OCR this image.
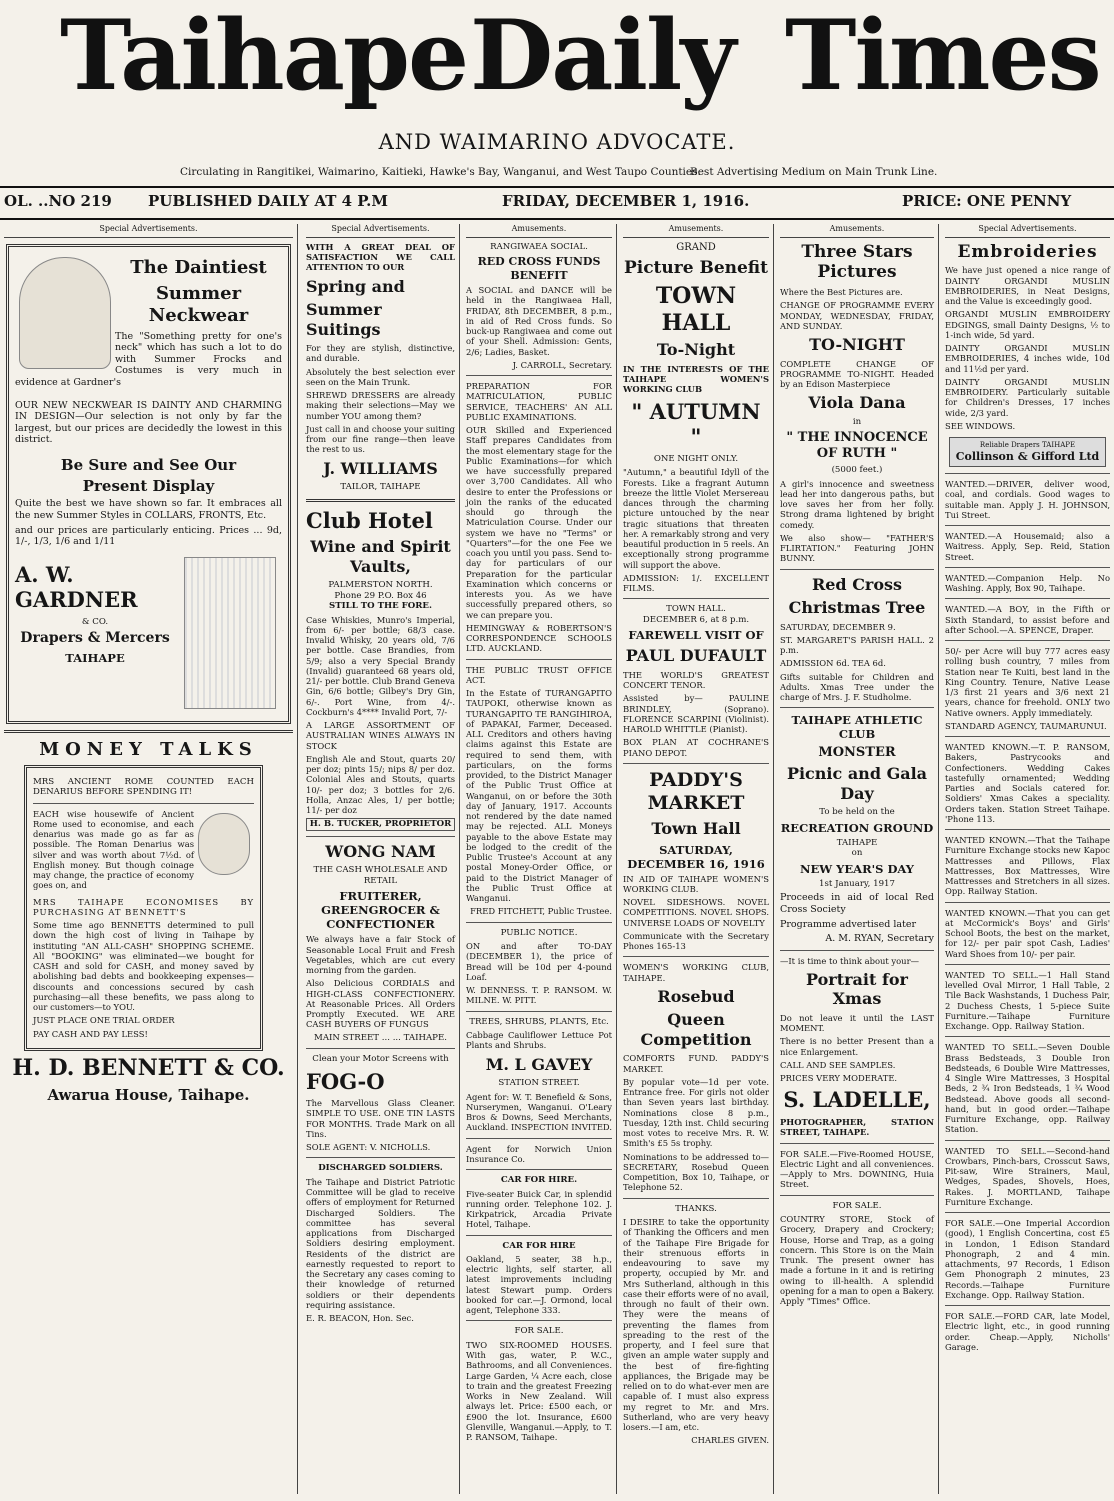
Taihape Daily Times
AND WAIMARINO ADVOCATE.
Circulating in Rangitikei, Waimarino, Kaitieki, Hawke's Bay, Wanganui, and West Taupo Counties.
Best Advertising Medium on Main Trunk Line.
OL. ..NO 219 PUBLISHED DAILY AT 4 P.M	FRIDAY, DECEMBER 1, 1916.	PRICE: ONE PENNY
Special Advertisements.
The Daintiest
Summer Neckwear
The "Something pretty for one's neck" which has such a lot to do with Summer Frocks and Costumes is very much in evidence at Gardner's
OUR NEW NECKWEAR IS DAINTY AND CHARMING IN DESIGN—Our selection is not only by far the largest, but our prices are decidedly the lowest in this district.
Be Sure and See Our
Present Display
Quite the best we have shown so far. It embraces all the new Summer Styles in COLLARS, FRONTS, Etc.
and our prices are particularly enticing. Prices ... 9d, 1/-, 1/3, 1/6 and 1/11
A. W. GARDNER
& CO.
Drapers & Mercers
TAIHAPE
MONEY TALKS
MRS ANCIENT ROME COUNTED EACH DENARIUS BEFORE SPENDING IT!
EACH wise housewife of Ancient Rome used to economise, and each denarius was made go as far as possible. The Roman Denarius was silver and was worth about 7½d. of English money. But though coinage may change, the practice of economy goes on, and
MRS TAIHAPE ECONOMISES BY PURCHASING AT BENNETT'S
Some time ago BENNETTS determined to pull down the high cost of living in Taihape by instituting "AN ALL-CASH" SHOPPING SCHEME. All "BOOKING" was eliminated—we bought for CASH and sold for CASH, and money saved by abolishing bad debts and bookkeeping expenses—discounts and concessions secured by cash purchasing—all these benefits, we pass along to our customers—to YOU.
JUST PLACE ONE TRIAL ORDER
PAY CASH AND PAY LESS!
H. D. BENNETT & CO.
Awarua House, Taihape.
Special Advertisements.
WITH A GREAT DEAL OF SATISFACTION WE CALL ATTENTION TO OUR
Spring and
Summer Suitings
For they are stylish, distinctive, and durable.
Absolutely the best selection ever seen on the Main Trunk.
SHREWD DRESSERS are already making their selections—May we number YOU among them?
Just call in and choose your suiting from our fine range—then leave the rest to us.
J. WILLIAMS
TAILOR, TAIHAPE
Club Hotel
Wine and Spirit Vaults,
PALMERSTON NORTH.
Phone 29 P.O. Box 46
STILL TO THE FORE.
Case Whiskies, Munro's Imperial, from 6/- per bottle; 68/3 case. Invalid Whisky, 20 years old, 7/6 per bottle. Case Brandies, from 5/9; also a very Special Brandy (Invalid) guaranteed 68 years old, 21/- per bottle. Club Brand Geneva Gin, 6/6 bottle; Gilbey's Dry Gin, 6/-. Port Wine, from 4/-. Cockburn's 4**** Invalid Port, 7/-
A LARGE ASSORTMENT OF AUSTRALIAN WINES ALWAYS IN STOCK
English Ale and Stout, quarts 20/ per doz; pints 15/; nips 8/ per doz. Colonial Ales and Stouts, quarts 10/- per doz; 3 bottles for 2/6. Holla, Anzac Ales, 1/ per bottle; 11/- per doz
H. B. TUCKER, PROPRIETOR
WONG NAM
THE CASH WHOLESALE AND RETAIL
FRUITERER, GREENGROCER & CONFECTIONER
We always have a fair Stock of Seasonable Local Fruit and Fresh Vegetables, which are cut every morning from the garden.
Also Delicious CORDIALS and HIGH-CLASS CONFECTIONERY. At Reasonable Prices. All Orders Promptly Executed. WE ARE CASH BUYERS OF FUNGUS
MAIN STREET ... ... TAIHAPE.
Clean your Motor Screens with
FOG-O
The Marvellous Glass Cleaner. SIMPLE TO USE. ONE TIN LASTS FOR MONTHS. Trade Mark on all Tins.
SOLE AGENT: V. NICHOLLS.
DISCHARGED SOLDIERS.
The Taihape and District Patriotic Committee will be glad to receive offers of employment for Returned Discharged Soldiers. The committee has several applications from Discharged Soldiers desiring employment. Residents of the district are earnestly requested to report to the Secretary any cases coming to their knowledge of returned soldiers or their dependents requiring assistance.
E. R. BEACON, Hon. Sec.
Amusements.
RANGIWAEA SOCIAL.
RED CROSS FUNDS BENEFIT
A SOCIAL and DANCE will be held in the Rangiwaea Hall, FRIDAY, 8th DECEMBER, 8 p.m., in aid of Red Cross funds. So buck-up Rangiwaea and come out of your Shell. Admission: Gents, 2/6; Ladies, Basket.
J. CARROLL, Secretary.
PREPARATION FOR MATRICULATION, PUBLIC SERVICE, TEACHERS' AN ALL PUBLIC EXAMINATIONS.
OUR Skilled and Experienced Staff prepares Candidates from the most elementary stage for the Public Examinations—for which we have successfully prepared over 3,700 Candidates. All who desire to enter the Professions or join the ranks of the educated should go through the Matriculation Course. Under our system we have no "Terms" or "Quarters"—for the one Fee we coach you until you pass. Send to-day for particulars of our Preparation for the particular Examination which concerns or interests you. As we have successfully prepared others, so we can prepare you.
HEMINGWAY & ROBERTSON'S CORRESPONDENCE SCHOOLS LTD. AUCKLAND.
THE PUBLIC TRUST OFFICE ACT.
In the Estate of TURANGAPITO TAUPOKI, otherwise known as TURANGAPITO TE RANGIHIROA, of PAPAKAI, Farmer, Deceased. ALL Creditors and others having claims against this Estate are required to send them, with particulars, on the forms provided, to the District Manager of the Public Trust Office at Wanganui, on or before the 30th day of January, 1917. Accounts not rendered by the date named may be rejected. ALL Moneys payable to the above Estate may be lodged to the credit of the Public Trustee's Account at any postal Money-Order Office, or paid to the District Manager of the Public Trust Office at Wanganui.
FRED FITCHETT, Public Trustee.
PUBLIC NOTICE.
ON and after TO-DAY (DECEMBER 1), the price of Bread will be 10d per 4-pound Loaf.
W. DENNESS. T. P. RANSOM. W. MILNE. W. PITT.
TREES, SHRUBS, PLANTS, Etc.
Cabbage Cauliflower Lettuce Pot Plants and Shrubs.
M. L GAVEY
STATION STREET.
Agent for: W. T. Benefield & Sons, Nurserymen, Wanganui. O'Leary Bros & Downs, Seed Merchants, Auckland. INSPECTION INVITED.
Agent for Norwich Union Insurance Co.
CAR FOR HIRE.
Five-seater Buick Car, in splendid running order. Telephone 102. J. Kirkpatrick, Arcadia Private Hotel, Taihape.
CAR FOR HIRE
Oakland, 5 seater, 38 h.p., electric lights, self starter, all latest improvements including latest Stewart pump. Orders booked for car.—J. Ormond, local agent, Telephone 333.
FOR SALE.
TWO SIX-ROOMED HOUSES. With gas, water, P. W.C., Bathrooms, and all Conveniences. Large Garden, ¼ Acre each, close to train and the greatest Freezing Works in New Zealand. Will always let. Price: £500 each, or £900 the lot. Insurance, £600 Glenville, Wanganui.—Apply, to T. P. RANSOM, Taihape.
Amusements.
GRAND
Picture Benefit
TOWN HALL
To-Night
IN THE INTERESTS OF THE TAIHAPE WOMEN'S WORKING CLUB
" AUTUMN "
ONE NIGHT ONLY.
"Autumn," a beautiful Idyll of the Forests. Like a fragrant Autumn breeze the little Violet Mersereau dances through the charming picture untouched by the near tragic situations that threaten her. A remarkably strong and very beautiful production in 5 reels. An exceptionally strong programme will support the above.
ADMISSION: 1/. EXCELLENT FILMS.
TOWN HALL.
DECEMBER 6, at 8 p.m.
FAREWELL VISIT OF
PAUL DUFAULT
THE WORLD'S GREATEST CONCERT TENOR.
Assisted by— PAULINE BRINDLEY, (Soprano). FLORENCE SCARPINI (Violinist). HAROLD WHITTLE (Pianist).
BOX PLAN AT COCHRANE'S PIANO DEPOT.
PADDY'S MARKET
Town Hall
SATURDAY, DECEMBER 16, 1916
IN AID OF TAIHAPE WOMEN'S WORKING CLUB.
NOVEL SIDESHOWS. NOVEL COMPETITIONS. NOVEL SHOPS. UNIVERSE LOADS OF NOVELTY
Communicate with the Secretary Phones 165-13
WOMEN'S WORKING CLUB, TAIHAPE.
Rosebud
Queen Competition
COMFORTS FUND. PADDY'S MARKET.
By popular vote—1d per vote. Entrance free. For girls not older than Seven years last birthday. Nominations close 8 p.m., Tuesday, 12th inst. Child securing most votes to receive Mrs. R. W. Smith's £5 5s trophy.
Nominations to be addressed to—SECRETARY, Rosebud Queen Competition, Box 10, Taihape, or Telephone 52.
THANKS.
I DESIRE to take the opportunity of Thanking the Officers and men of the Taihape Fire Brigade for their strenuous efforts in endeavouring to save my property, occupied by Mr. and Mrs Sutherland, although in this case their efforts were of no avail, through no fault of their own. They were the means of preventing the flames from spreading to the rest of the property, and I feel sure that given an ample water supply and the best of fire-fighting appliances, the Brigade may be relied on to do what-ever men are capable of. I must also express my regret to Mr. and Mrs. Sutherland, who are very heavy losers.—I am, etc.
CHARLES GIVEN.
Amusements.
Three Stars Pictures
Where the Best Pictures are.
CHANGE OF PROGRAMME EVERY MONDAY, WEDNESDAY, FRIDAY, AND SUNDAY.
TO-NIGHT
COMPLETE CHANGE OF PROGRAMME TO-NIGHT. Headed by an Edison Masterpiece
Viola Dana
in
" THE INNOCENCE OF RUTH "
(5000 feet.)
A girl's innocence and sweetness lead her into dangerous paths, but love saves her from her folly. Strong drama lightened by bright comedy.
We also show— "FATHER'S FLIRTATION." Featuring JOHN BUNNY.
Red Cross
Christmas Tree
SATURDAY, DECEMBER 9.
ST. MARGARET'S PARISH HALL. 2 p.m.
ADMISSION 6d. TEA 6d.
Gifts suitable for Children and Adults. Xmas Tree under the charge of Mrs. J. F. Studholme.
TAIHAPE ATHLETIC CLUB
MONSTER
Picnic and Gala Day
To be held on the
RECREATION GROUND
TAIHAPE
on
NEW YEAR'S DAY
1st January, 1917
Proceeds in aid of local Red Cross Society
Programme advertised later
A. M. RYAN, Secretary
—It is time to think about your—
Portrait for Xmas
Do not leave it until the LAST MOMENT.
There is no better Present than a nice Enlargement.
CALL AND SEE SAMPLES.
PRICES VERY MODERATE.
S. LADELLE,
PHOTOGRAPHER, STATION STREET, TAIHAPE.
FOR SALE.—Five-Roomed HOUSE, Electric Light and all conveniences.—Apply to Mrs. DOWNING, Huia Street.
FOR SALE.
COUNTRY STORE, Stock of Grocery, Drapery and Crockery; House, Horse and Trap, as a going concern. This Store is on the Main Trunk. The present owner has made a fortune in it and is retiring owing to ill-health. A splendid opening for a man to open a Bakery. Apply "Times" Office.
Special Advertisements.
Embroideries
We have just opened a nice range of DAINTY ORGANDI MUSLIN EMBROIDERIES, in Neat Designs, and the Value is exceedingly good.
ORGANDI MUSLIN EMBROIDERY EDGINGS, small Dainty Designs, ½ to 1-inch wide, 5d yard.
DAINTY ORGANDI MUSLIN EMBROIDERIES, 4 inches wide, 10d and 11½d per yard.
DAINTY ORGANDI MUSLIN EMBROIDERY. Particularly suitable for Children's Dresses, 17 inches wide, 2/3 yard.
SEE WINDOWS.
Reliable Drapers TAIHAPE
Collinson & Gifford Ltd
WANTED.—DRIVER, deliver wood, coal, and cordials. Good wages to suitable man. Apply J. H. JOHNSON, Tui Street.
WANTED.—A Housemaid; also a Waitress. Apply, Sep. Reid, Station Street.
WANTED.—Companion Help. No Washing. Apply, Box 90, Taihape.
WANTED.—A BOY, in the Fifth or Sixth Standard, to assist before and after School.—A. SPENCE, Draper.
50/- per Acre will buy 777 acres easy rolling bush country, 7 miles from Station near Te Kuiti, best land in the King Country. Tenure, Native Lease 1/3 first 21 years and 3/6 next 21 years, chance for freehold. ONLY two Native owners. Apply immediately.
STANDARD AGENCY, TAUMARUNUI.
WANTED KNOWN.—T. P. RANSOM, Bakers, Pastrycooks and Confectioners. Wedding Cakes tastefully ornamented; Wedding Parties and Socials catered for. Soldiers' Xmas Cakes a speciality. Orders taken. Station Street Taihape. 'Phone 113.
WANTED KNOWN.—That the Taihape Furniture Exchange stocks new Kapoc Mattresses and Pillows, Flax Mattresses, Box Mattresses, Wire Mattresses and Stretchers in all sizes. Opp. Railway Station.
WANTED KNOWN.—That you can get at McCormick's Boys' and Girls' School Boots, the best on the market, for 12/- per pair spot Cash, Ladies' Ward Shoes from 10/- per pair.
WANTED TO SELL.—1 Hall Stand levelled Oval Mirror, 1 Hall Table, 2 Tile Back Washstands, 1 Duchess Pair, 2 Duchess Chests, 1 5-piece Suite Furniture.—Taihape Furniture Exchange. Opp. Railway Station.
WANTED TO SELL.—Seven Double Brass Bedsteads, 3 Double Iron Bedsteads, 6 Double Wire Mattresses, 4 Single Wire Mattresses, 3 Hospital Beds, 2 ¾ Iron Bedsteads, 1 ¾ Wood Bedstead. Above goods all second-hand, but in good order.—Taihape Furniture Exchange, opp. Railway Station.
WANTED TO SELL.—Second-hand Crowbars, Pinch-bars, Crosscut Saws, Pit-saw, Wire Strainers, Maul, Wedges, Spades, Shovels, Hoes, Rakes. J. MORTLAND, Taihape Furniture Exchange.
FOR SALE.—One Imperial Accordion (good), 1 English Concertina, cost £5 in London, 1 Edison Standard Phonograph, 2 and 4 min. attachments, 97 Records, 1 Edison Gem Phonograph 2 minutes, 23 Records.—Taihape Furniture Exchange. Opp. Railway Station.
FOR SALE.—FORD CAR, late Model, Electric light, etc., in good running order. Cheap.—Apply, Nicholls' Garage.
